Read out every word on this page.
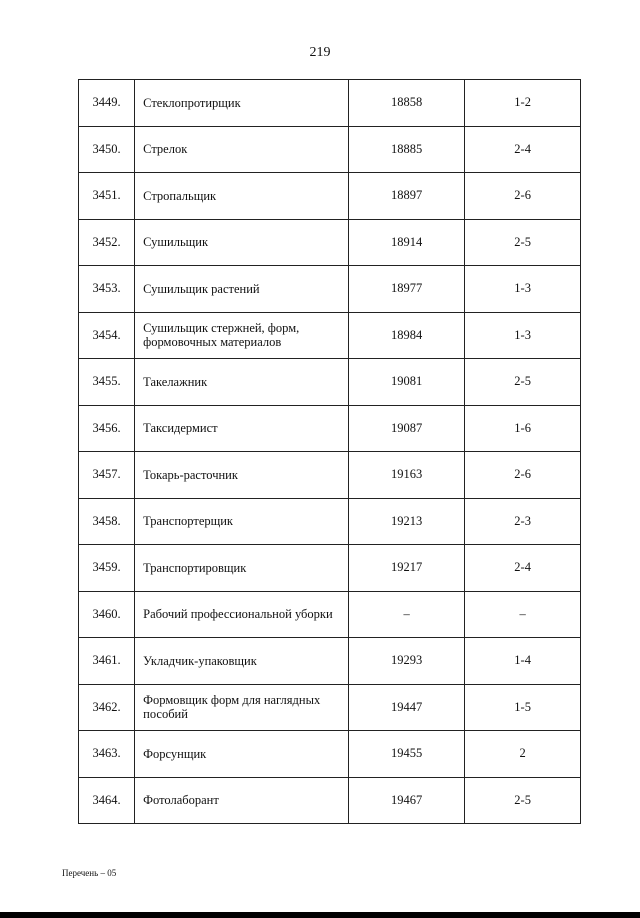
219
3449.	Стеклопротирщик	18858	1-2
3450.	Стрелок	18885	2-4
3451.	Стропальщик	18897	2-6
3452.	Сушильщик	18914	2-5
3453.	Сушильщик растений	18977	1-3
3454.	Сушильщик стержней, форм, формовочных материалов	18984	1-3
3455.	Такелажник	19081	2-5
3456.	Таксидермист	19087	1-6
3457.	Токарь-расточник	19163	2-6
3458.	Транспортерщик	19213	2-3
3459.	Транспортировщик	19217	2-4
3460.	Рабочий профессиональной уборки	–	–
3461.	Укладчик-упаковщик	19293	1-4
3462.	Формовщик форм для наглядных пособий	19447	1-5
3463.	Форсунщик	19455	2
3464.	Фотолаборант	19467	2-5
Перечень – 05
